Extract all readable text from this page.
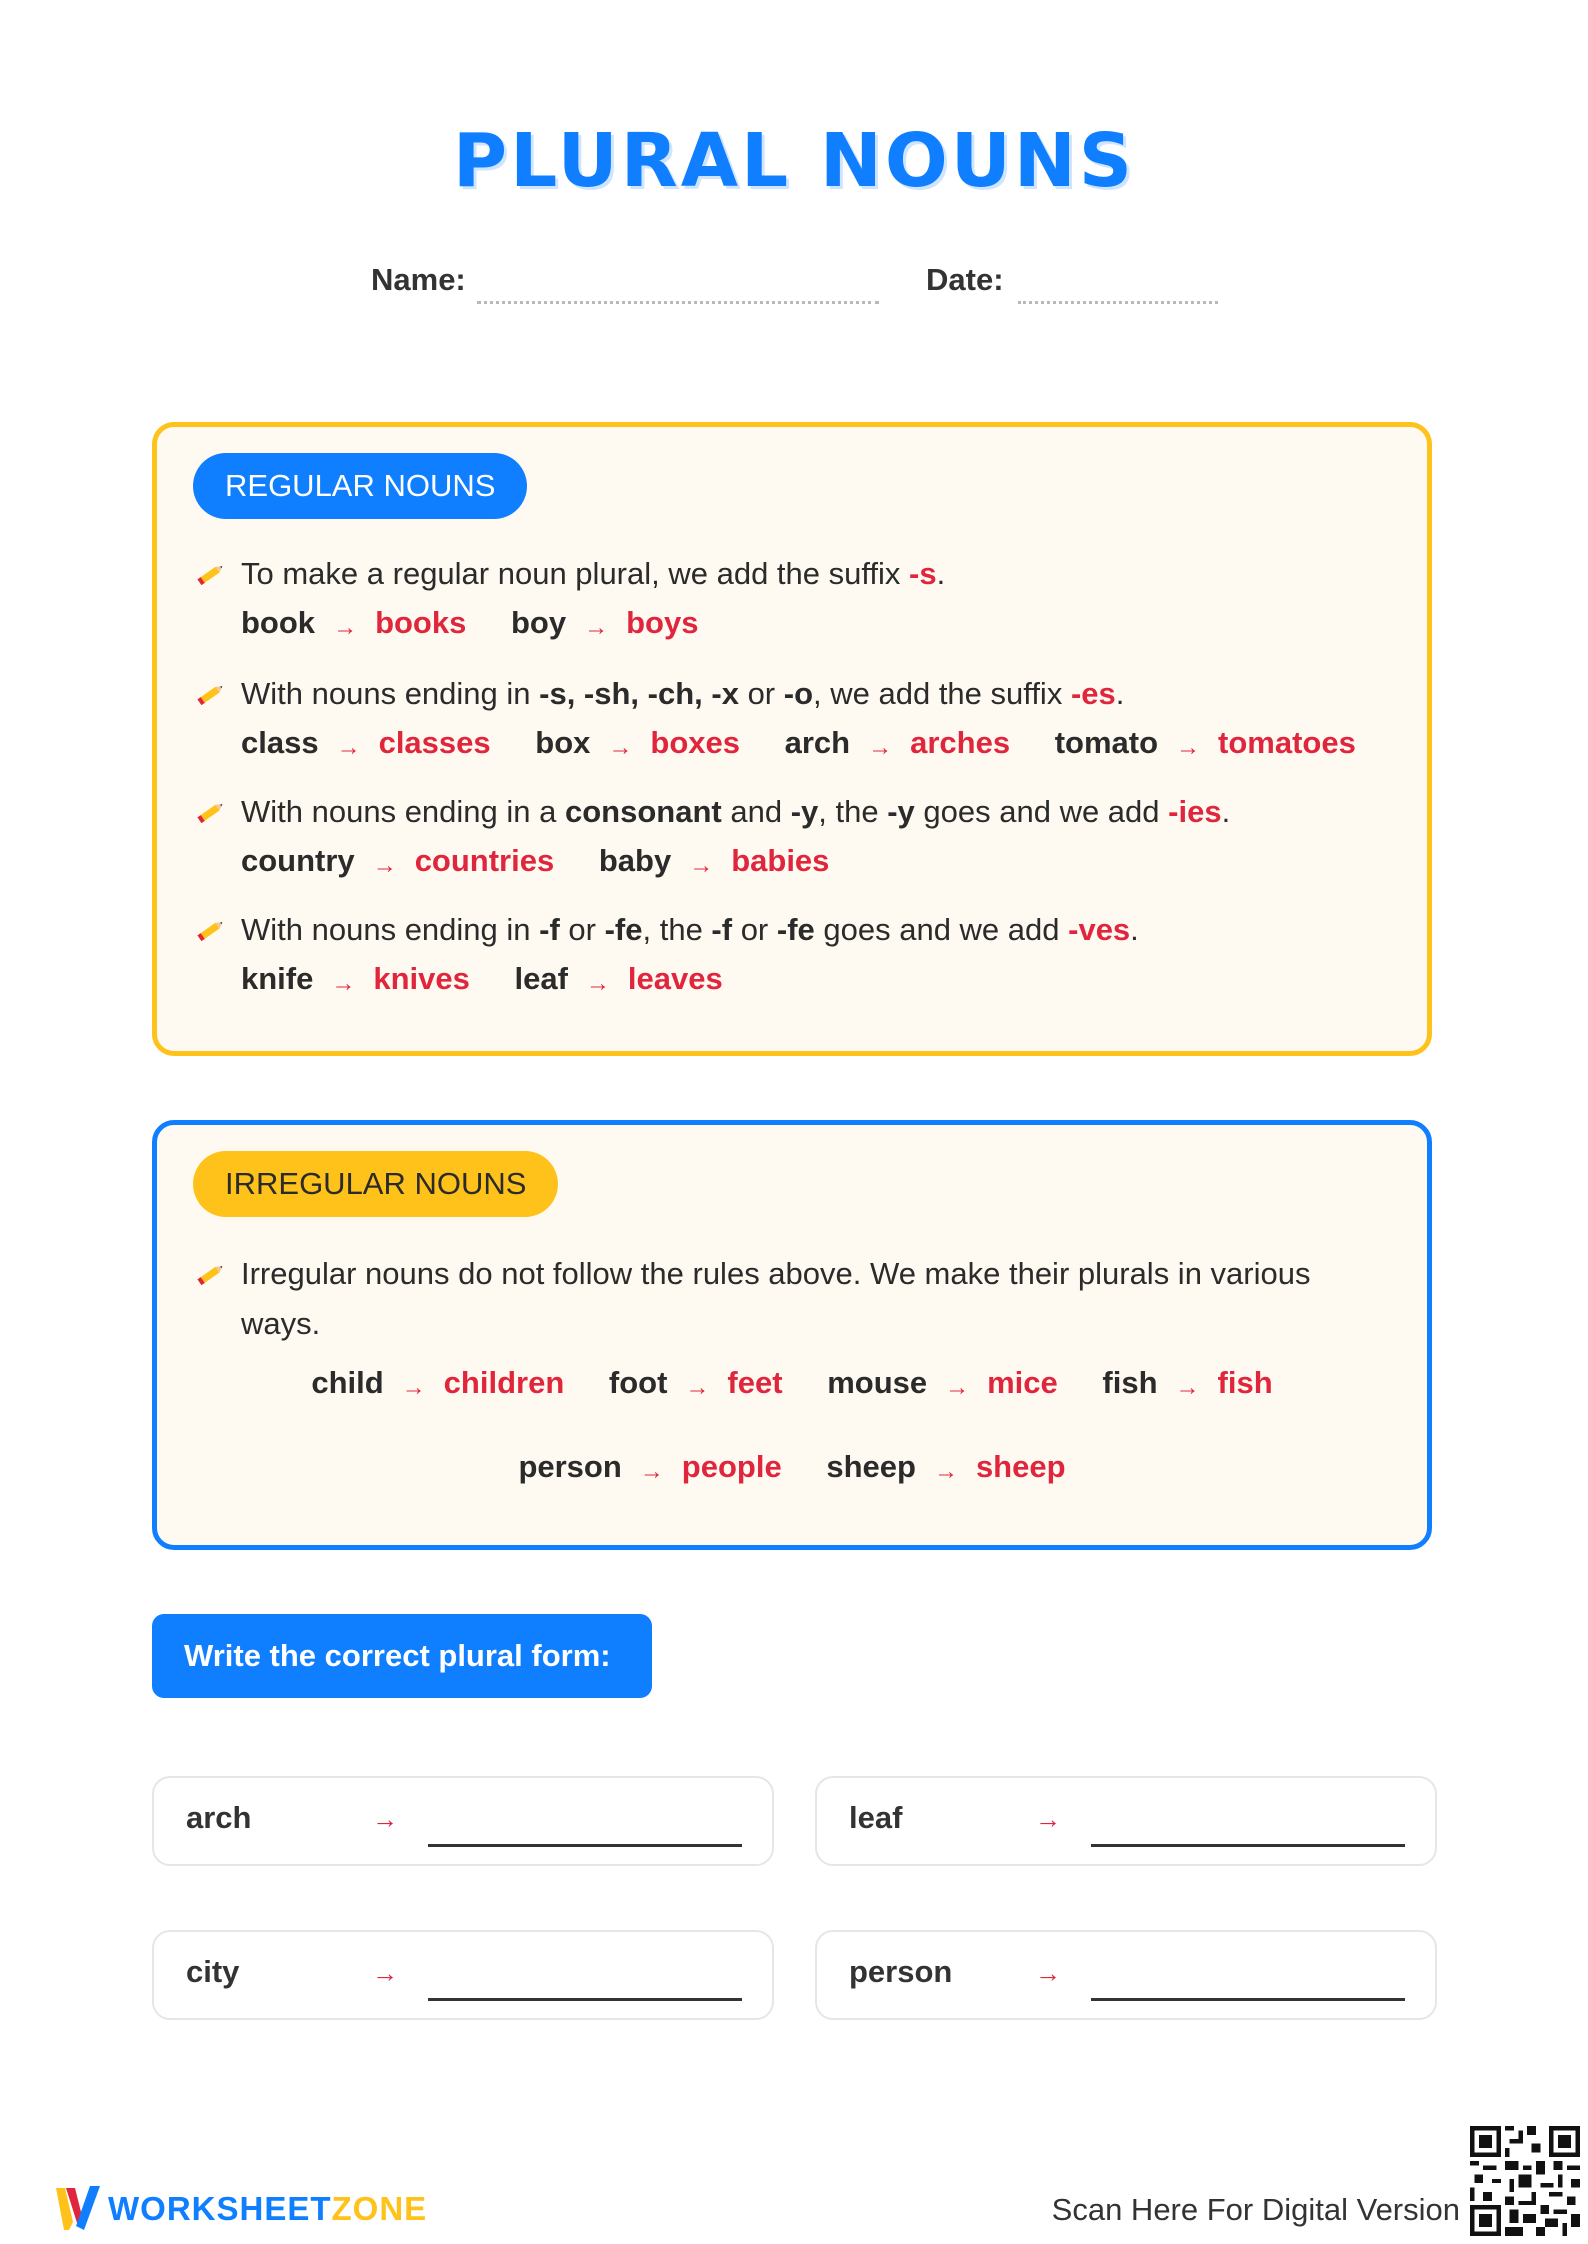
PLURAL NOUNS
Name:	Date:
REGULAR NOUNS
To make a regular noun plural, we add the suffix -s.
book → books boy → boys
With nouns ending in -s, -sh, -ch, -x or -o, we add the suffix -es.
class → classes box → boxes arch → arches tomato → tomatoes
With nouns ending in a consonant and -y, the -y goes and we add -ies.
country → countries baby → babies
With nouns ending in -f or -fe, the -f or -fe goes and we add -ves.
knife → knives leaf → leaves
IRREGULAR NOUNS
Irregular nouns do not follow the rules above. We make their plurals in various ways.
child → children foot → feet mouse → mice fish → fish
person → people sheep → sheep
Write the correct plural form:
arch	→	leaf	→
city	→	person	→
WORKSHEETZONE	Scan Here For Digital Version
